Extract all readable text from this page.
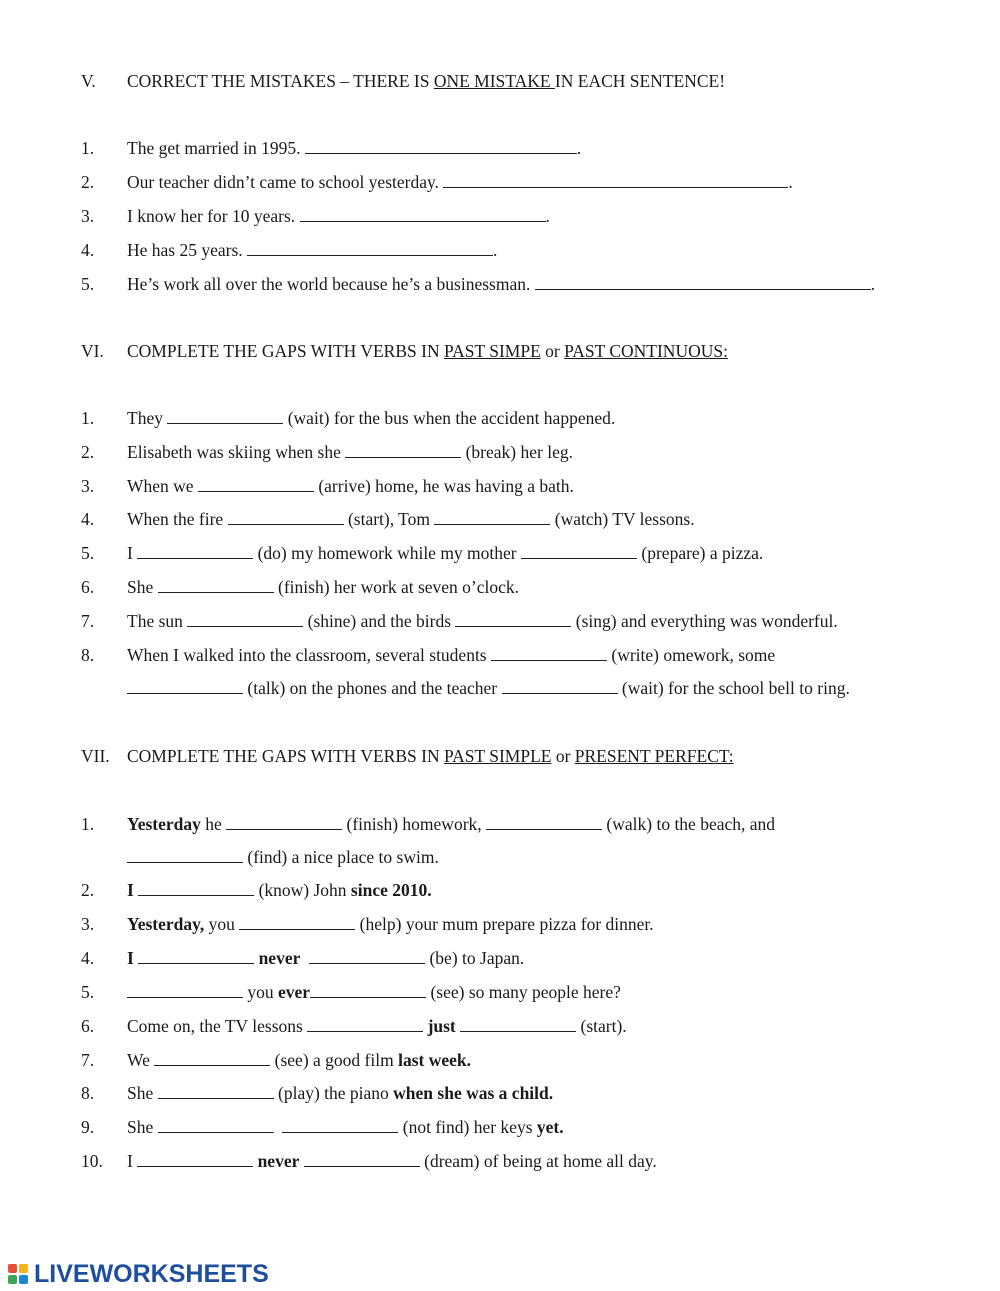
V. CORRECT THE MISTAKES – THERE IS ONE MISTAKE IN EACH SENTENCE!
1. The get married in 1995.	.
2. Our teacher didn’t came to school yesterday.	.
3. I know her for 10 years.	.
4. He has 25 years.	.
5. He’s work all over the world because he’s a businessman.	.
VI. COMPLETE THE GAPS WITH VERBS IN PAST SIMPE or PAST CONTINUOUS:
1. They	(wait) for the bus when the accident happened.
2. Elisabeth was skiing when she	(break) her leg.
3. When we	(arrive) home, he was having a bath.
4. When the fire	(start), Tom	(watch) TV lessons.
5. I	(do) my homework while my mother	(prepare) a pizza.
6. She	(finish) her work at seven o’clock.
7. The sun	(shine) and the birds	(sing) and everything was wonderful.
8. When I walked into the classroom, several students	(write) omework, some
(talk) on the phones and the teacher	(wait) for the school bell to ring.
VII. COMPLETE THE GAPS WITH VERBS IN PAST SIMPLE or PRESENT PERFECT:
1. Yesterday he	(finish) homework,	(walk) to the beach, and
(find) a nice place to swim.
2. I	(know) John since 2010.
3. Yesterday, you	(help) your mum prepare pizza for dinner.
4. I	never	(be) to Japan.
5.	you ever	(see) so many people here?
6. Come on, the TV lessons	just	(start).
7. We	(see) a good film last week.
8. She	(play) the piano when she was a child.
9. She	(not find) her keys yet.
10. I	never	(dream) of being at home all day.
LIVEWORKSHEETS
